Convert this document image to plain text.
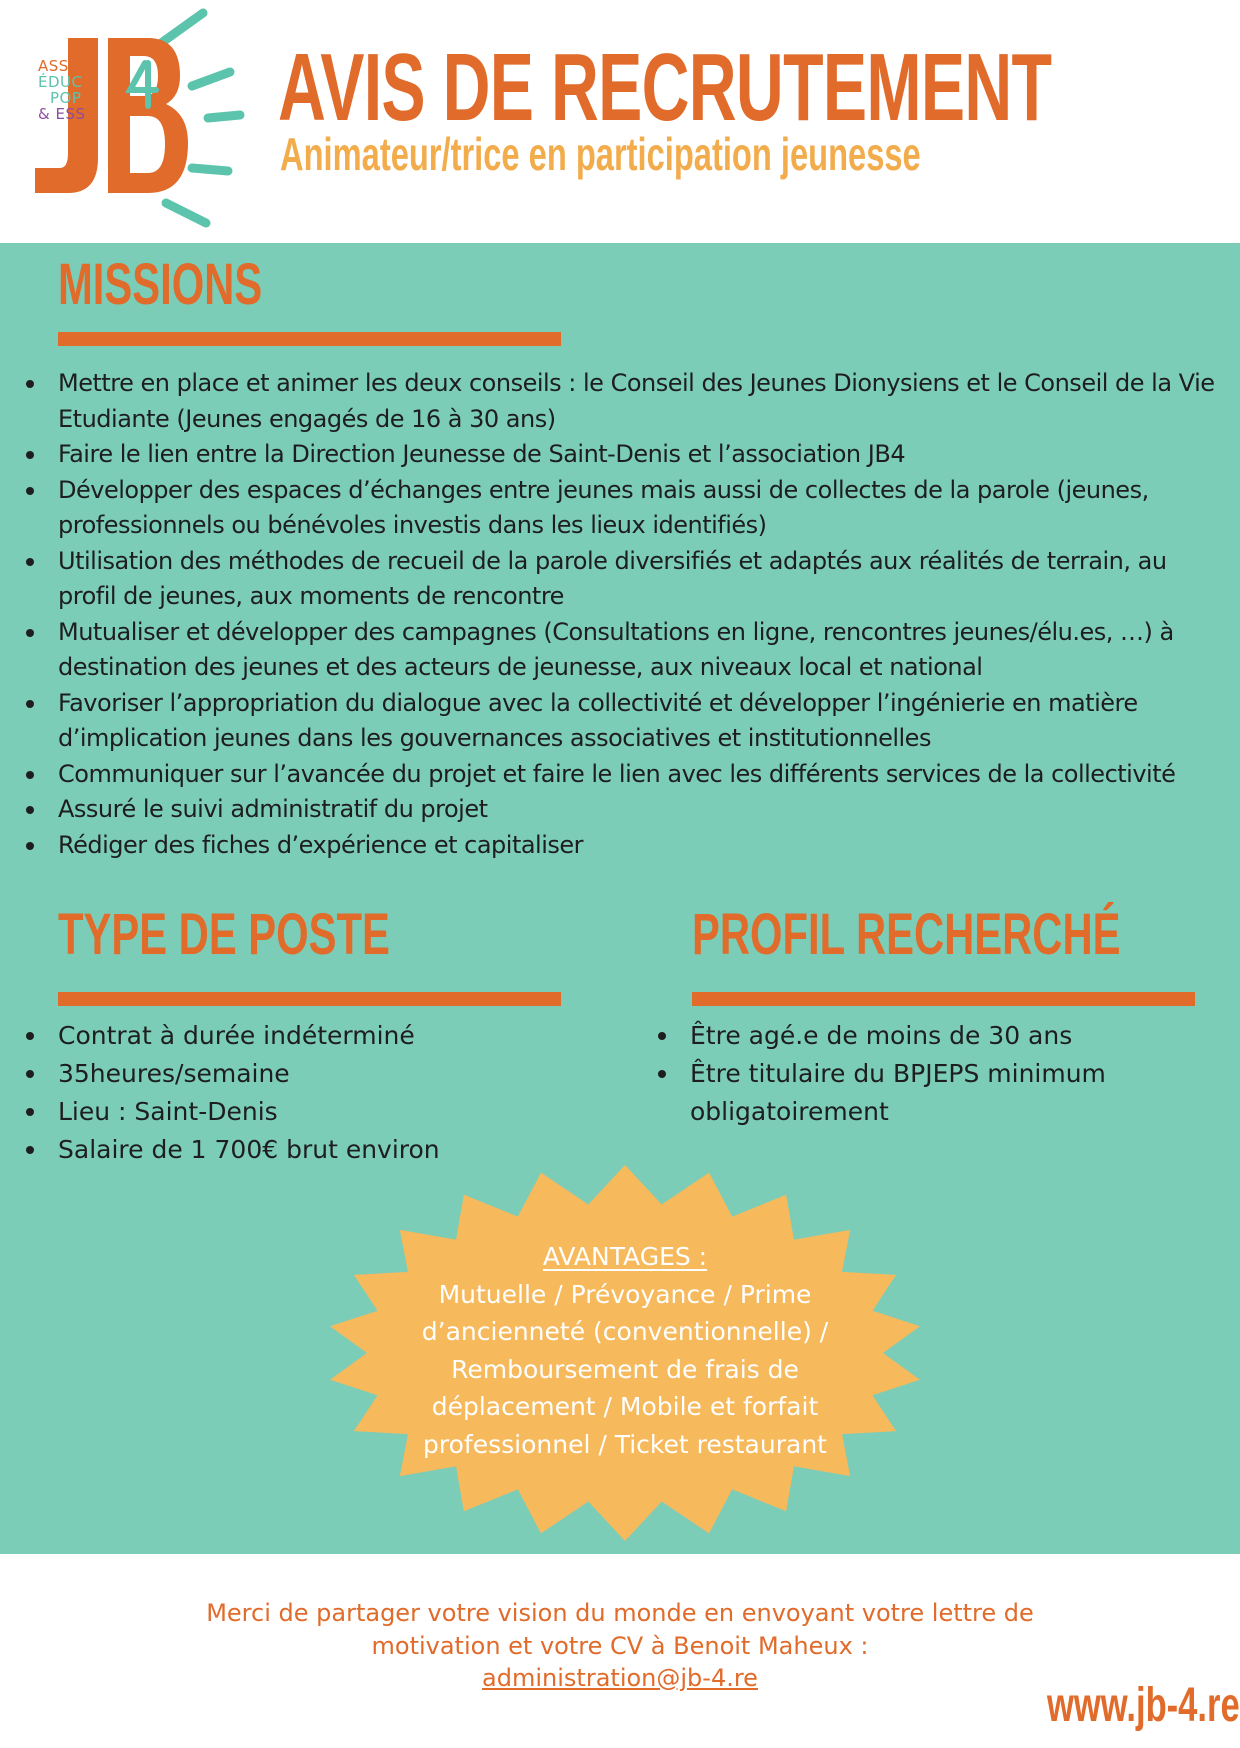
ASSO
ÉDUC
POP
& ESS AVIS DE RECRUTEMENT
Animateur/trice en participation jeunesse
MISSIONS
Mettre en place et animer les deux conseils : le Conseil des Jeunes Dionysiens et le Conseil de la Vie Etudiante (Jeunes engagés de 16 à 30 ans)
Faire le lien entre la Direction Jeunesse de Saint-Denis et l’association JB4
Développer des espaces d’échanges entre jeunes mais aussi de collectes de la parole (jeunes, professionnels ou bénévoles investis dans les lieux identifiés)
Utilisation des méthodes de recueil de la parole diversifiés et adaptés aux réalités de terrain, au profil de jeunes, aux moments de rencontre
Mutualiser et développer des campagnes (Consultations en ligne, rencontres jeunes/élu.es, …) à destination des jeunes et des acteurs de jeunesse, aux niveaux local et national
Favoriser l’appropriation du dialogue avec la collectivité et développer l’ingénierie en matière d’implication jeunes dans les gouvernances associatives et institutionnelles
Communiquer sur l’avancée du projet et faire le lien avec les différents services de la collectivité
Assuré le suivi administratif du projet
Rédiger des fiches d’expérience et capitaliser
TYPE DE POSTE
Contrat à durée indéterminé
35heures/semaine
Lieu : Saint-Denis
Salaire de 1 700€ brut environ
PROFIL RECHERCHÉ
Être agé.e de moins de 30 ans
Être titulaire du BPJEPS minimum obligatoirement
AVANTAGES :
Mutuelle / Prévoyance / Prime d’ancienneté (conventionnelle) / Remboursement de frais de déplacement / Mobile et forfait professionnel / Ticket restaurant
Merci de partager votre vision du monde en envoyant votre lettre de motivation et votre CV à Benoit Maheux :
administration@jb-4.re
www.jb-4.re
